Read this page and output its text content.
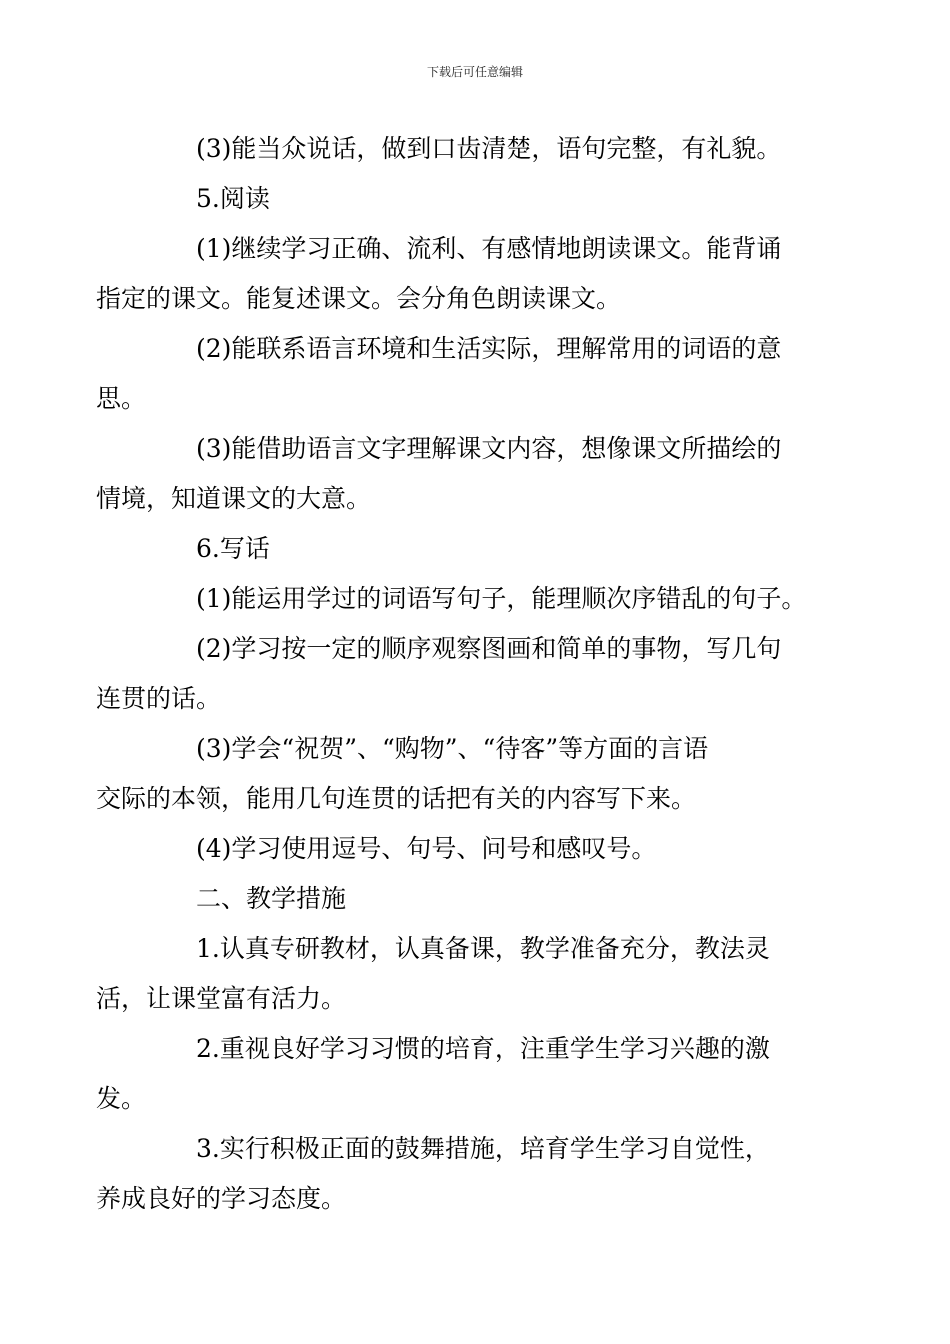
下载后可任意编辑

(3)能当众说话，做到口齿清楚，语句完整，有礼貌。

5.阅读

(1)继续学习正确、流利、有感情地朗读课文。能背诵
指定的课文。能复述课文。会分角色朗读课文。

(2)能联系语言环境和生活实际，理解常用的词语的意
思。

(3)能借助语言文字理解课文内容，想像课文所描绘的
情境，知道课文的大意。

6.写话

(1)能运用学过的词语写句子，能理顺次序错乱的句子。

(2)学习按一定的顺序观察图画和简单的事物，写几句
连贯的话。

(3)学会“祝贺”、“购物”、“待客”等方面的言语
交际的本领，能用几句连贯的话把有关的内容写下来。

(4)学习使用逗号、句号、问号和感叹号。

二、教学措施

1.认真专研教材，认真备课，教学准备充分，教法灵
活，让课堂富有活力。

2.重视良好学习习惯的培育，注重学生学习兴趣的激
发。

3.实行积极正面的鼓舞措施，培育学生学习自觉性，
养成良好的学习态度。
